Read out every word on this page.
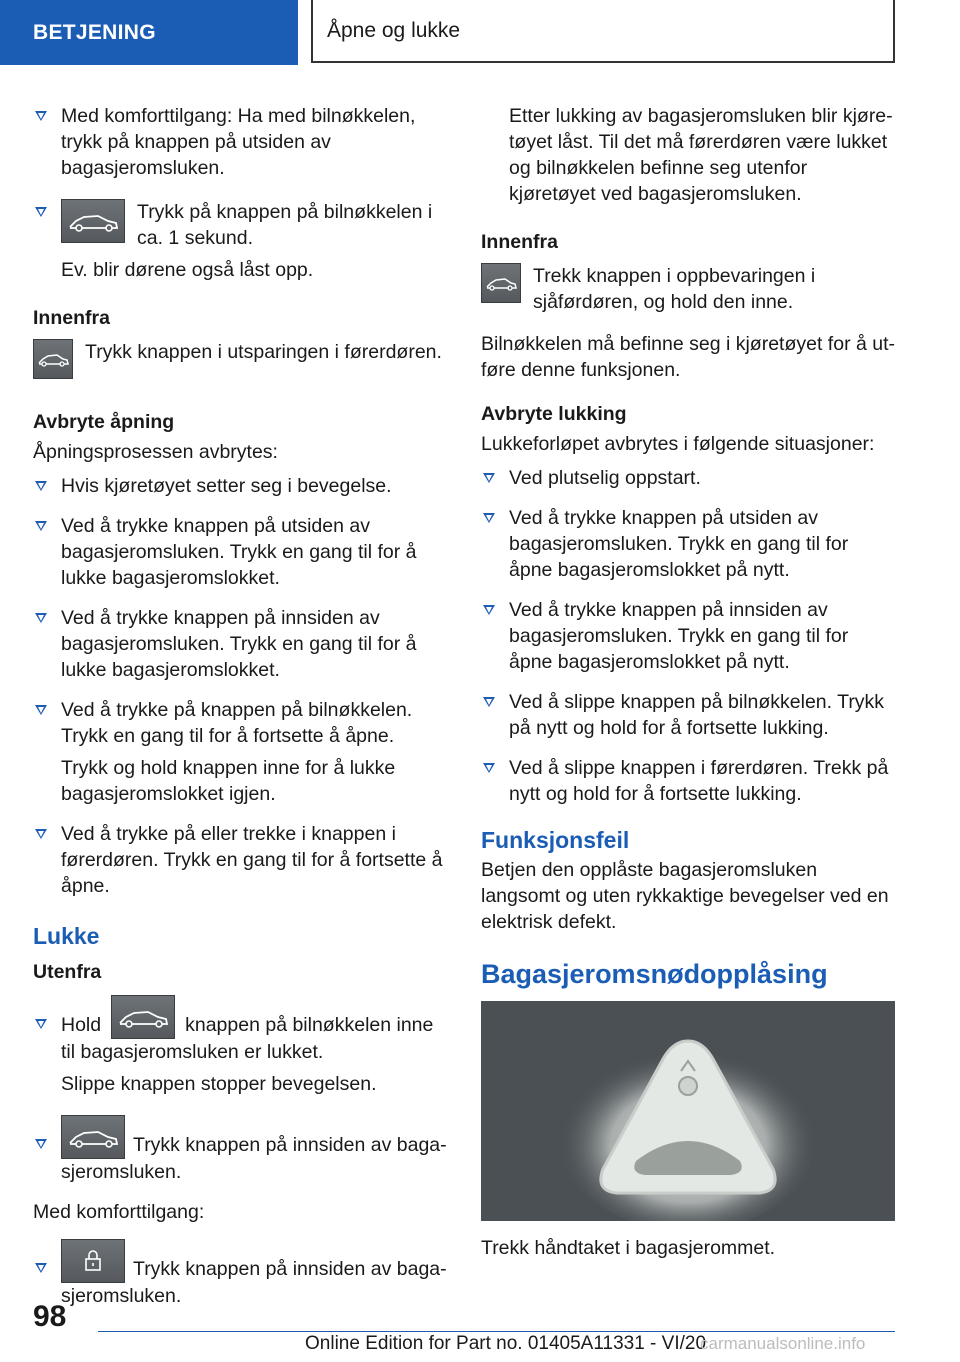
BETJENING	Åpne og lukke

Med komforttilgang: Ha med bilnøkkelen, trykk på knappen på utsiden av bagasjeromsluken.

Trykk på knappen på bilnøkkelen i ca. 1 sekund.

Ev. blir dørene også låst opp.

Innenfra

Trykk knappen i utsparingen i førerdøren.

Avbryte åpning

Åpningsprosessen avbrytes:

Hvis kjøretøyet setter seg i bevegelse.

Ved å trykke knappen på utsiden av bagasjeromsluken. Trykk en gang til for å lukke bagasjeromslokket.

Ved å trykke knappen på innsiden av bagasjeromsluken. Trykk en gang til for å lukke bagasjeromslokket.

Ved å trykke på knappen på bilnøkkelen. Trykk en gang til for å fortsette å åpne.

Trykk og hold knappen inne for å lukke bagasjeromslokket igjen.

Ved å trykke på eller trekke i knappen i førerdøren. Trykk en gang til for å fortsette å åpne.

Lukke

Utenfra

Hold	knappen på bilnøkkelen inne til bagasjeromsluken er lukket.

Slippe knappen stopper bevegelsen.

Trykk knappen på innsiden av bagasjeromsluken.

Med komforttilgang:

Trykk knappen på innsiden av bagasjeromsluken.

Etter lukking av bagasjeromsluken blir kjøretøyet låst. Til det må førerdøren være lukket og bilnøkkelen befinne seg utenfor kjøretøyet ved bagasjeromsluken.

Innenfra

Trekk knappen i oppbevaringen i sjåførdøren, og hold den inne.

Bilnøkkelen må befinne seg i kjøretøyet for å utføre denne funksjonen.

Avbryte lukking

Lukkeforløpet avbrytes i følgende situasjoner:

Ved plutselig oppstart.

Ved å trykke knappen på utsiden av bagasjeromsluken. Trykk en gang til for åpne bagasjeromslokket på nytt.

Ved å trykke knappen på innsiden av bagasjeromsluken. Trykk en gang til for åpne bagasjeromslokket på nytt.

Ved å slippe knappen på bilnøkkelen. Trykk på nytt og hold for å fortsette lukking.

Ved å slippe knappen i førerdøren. Trekk på nytt og hold for å fortsette lukking.

Funksjonsfeil

Betjen den opplåste bagasjeromsluken langsomt og uten rykkaktige bevegelser ved en elektrisk defekt.

Bagasjeromsnødopplåsing

Trekk håndtaket i bagasjerommet.

98
Online Edition for Part no. 01405A11331 - VI/20
carmanualsonline.info
